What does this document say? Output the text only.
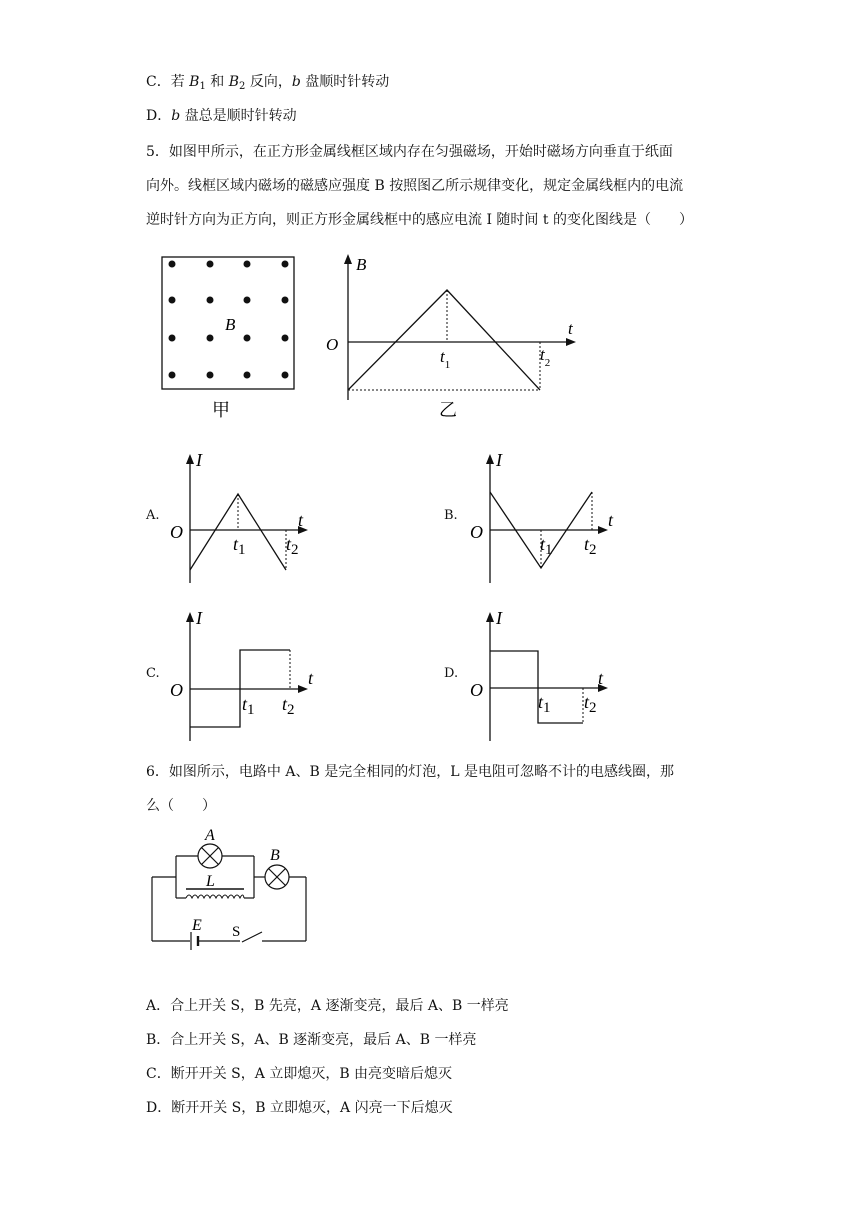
C．若 $B_1$ 和 $B_2$ 反向，b 盘顺时针转动
D．b 盘总是顺时针转动
5．如图甲所示，在正方形金属线框区域内存在匀强磁场，开始时磁场方向垂直于纸面
向外。线框区域内磁场的磁感应强度 B 按照图乙所示规律变化，规定金属线框内的电流
逆时针方向为正方向，则正方形金属线框中的感应电流 I 随时间 t 的变化图线是（　　）
B
甲
B
t
O
$t_1$
$t_2$
乙
A.
I
t
O
$t_1$ $t_2$
B.
I
t
O
$t_1$ $t_2$
C.
I
t
O
$t_1$ $t_2$
D.
I
t
O
$t_1$ $t_2$
6．如图所示，电路中 A、B 是完全相同的灯泡，L 是电阻可忽略不计的电感线圈，那
么（　　）
A
B
L
E S
A．合上开关 S，B 先亮，A 逐渐变亮，最后 A、B 一样亮
B．合上开关 S，A、B 逐渐变亮，最后 A、B 一样亮
C．断开开关 S，A 立即熄灭，B 由亮变暗后熄灭
D．断开开关 S，B 立即熄灭，A 闪亮一下后熄灭
